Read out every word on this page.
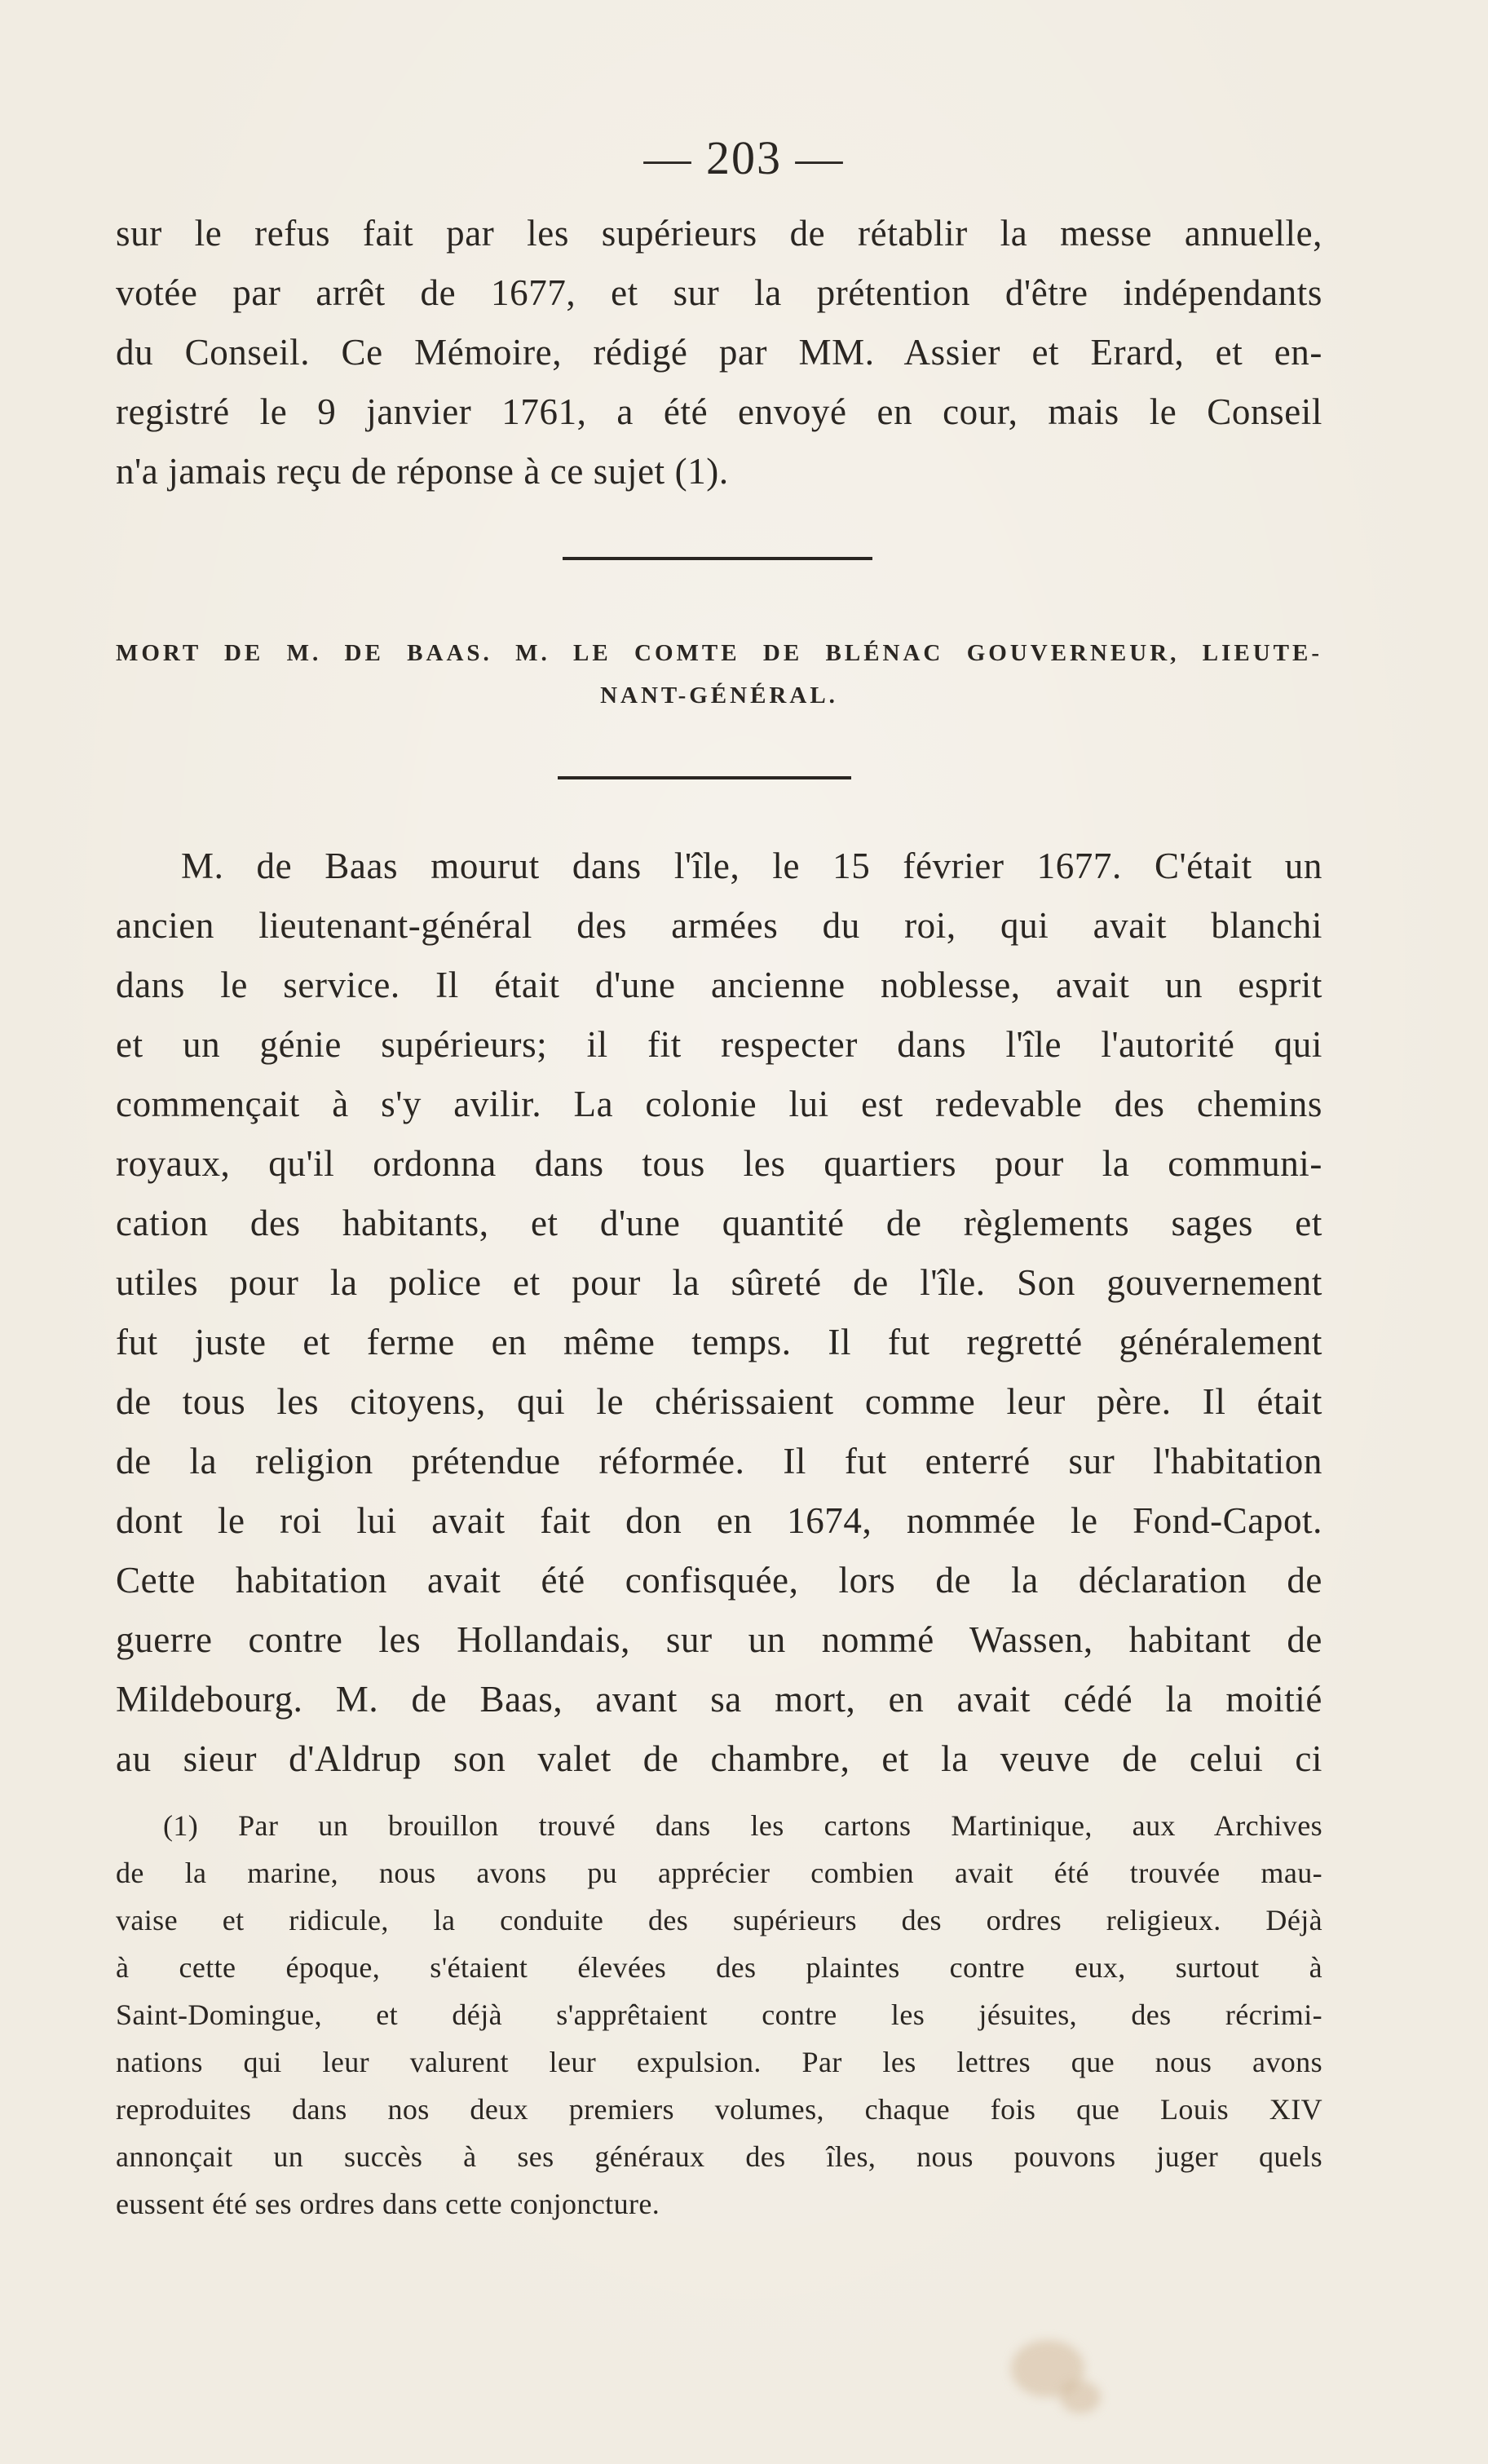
— 203 —
sur le refus fait par les supérieurs de rétablir la messe annuelle,
votée par arrêt de 1677, et sur la prétention d'être indépendants
du Conseil. Ce Mémoire, rédigé par MM. Assier et Erard, et en-
registré le 9 janvier 1761, a été envoyé en cour, mais le Conseil
n'a jamais reçu de réponse à ce sujet (1).
MORT DE M. DE BAAS. M. LE COMTE DE BLÉNAC GOUVERNEUR, LIEUTE-
NANT-GÉNÉRAL.
M. de Baas mourut dans l'île, le 15 février 1677. C'était un
ancien lieutenant-général des armées du roi, qui avait blanchi
dans le service. Il était d'une ancienne noblesse, avait un esprit
et un génie supérieurs; il fit respecter dans l'île l'autorité qui
commençait à s'y avilir. La colonie lui est redevable des chemins
royaux, qu'il ordonna dans tous les quartiers pour la communi-
cation des habitants, et d'une quantité de règlements sages et
utiles pour la police et pour la sûreté de l'île. Son gouvernement
fut juste et ferme en même temps. Il fut regretté généralement
de tous les citoyens, qui le chérissaient comme leur père. Il était
de la religion prétendue réformée. Il fut enterré sur l'habitation
dont le roi lui avait fait don en 1674, nommée le Fond-Capot.
Cette habitation avait été confisquée, lors de la déclaration de
guerre contre les Hollandais, sur un nommé Wassen, habitant de
Mildebourg. M. de Baas, avant sa mort, en avait cédé la moitié
au sieur d'Aldrup son valet de chambre, et la veuve de celui ci
(1) Par un brouillon trouvé dans les cartons Martinique, aux Archives
de la marine, nous avons pu apprécier combien avait été trouvée mau-
vaise et ridicule, la conduite des supérieurs des ordres religieux. Déjà
à cette époque, s'étaient élevées des plaintes contre eux, surtout à
Saint-Domingue, et déjà s'apprêtaient contre les jésuites, des récrimi-
nations qui leur valurent leur expulsion. Par les lettres que nous avons
reproduites dans nos deux premiers volumes, chaque fois que Louis XIV
annonçait un succès à ses généraux des îles, nous pouvons juger quels
eussent été ses ordres dans cette conjoncture.
